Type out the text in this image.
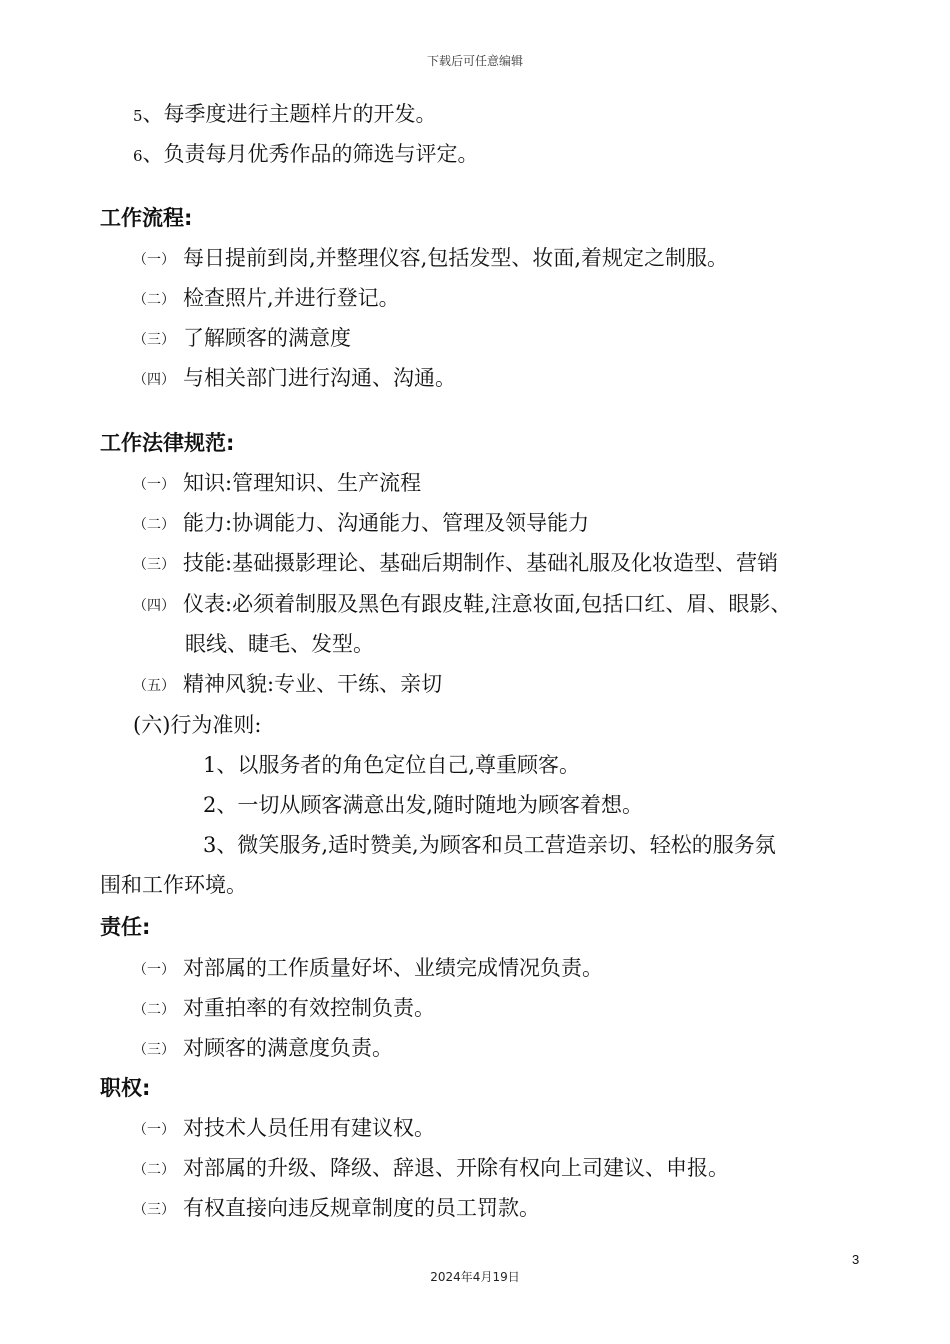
下载后可任意编辑
5、每季度进行主题样片的开发。
6、负责每月优秀作品的筛选与评定。
工作流程:
（一） 每日提前到岗,并整理仪容,包括发型、妆面,着规定之制服。
（二） 检查照片,并进行登记。
（三） 了解顾客的满意度
（四） 与相关部门进行沟通、沟通。
工作法律规范:
（一） 知识:管理知识、生产流程
（二） 能力:协调能力、沟通能力、管理及领导能力
（三） 技能:基础摄影理论、基础后期制作、基础礼服及化妆造型、营销
（四） 仪表:必须着制服及黑色有跟皮鞋,注意妆面,包括口红、眉、眼影、
眼线、睫毛、发型。
（五） 精神风貌:专业、干练、亲切
(六)行为准则:
1、以服务者的角色定位自己,尊重顾客。
2、一切从顾客满意出发,随时随地为顾客着想。
3、微笑服务,适时赞美,为顾客和员工营造亲切、轻松的服务氛
围和工作环境。
责任:
（一） 对部属的工作质量好坏、业绩完成情况负责。
（二） 对重拍率的有效控制负责。
（三） 对顾客的满意度负责。
职权:
（一） 对技术人员任用有建议权。
（二） 对部属的升级、降级、辞退、开除有权向上司建议、申报。
（三） 有权直接向违反规章制度的员工罚款。
3
2024年4月19日
